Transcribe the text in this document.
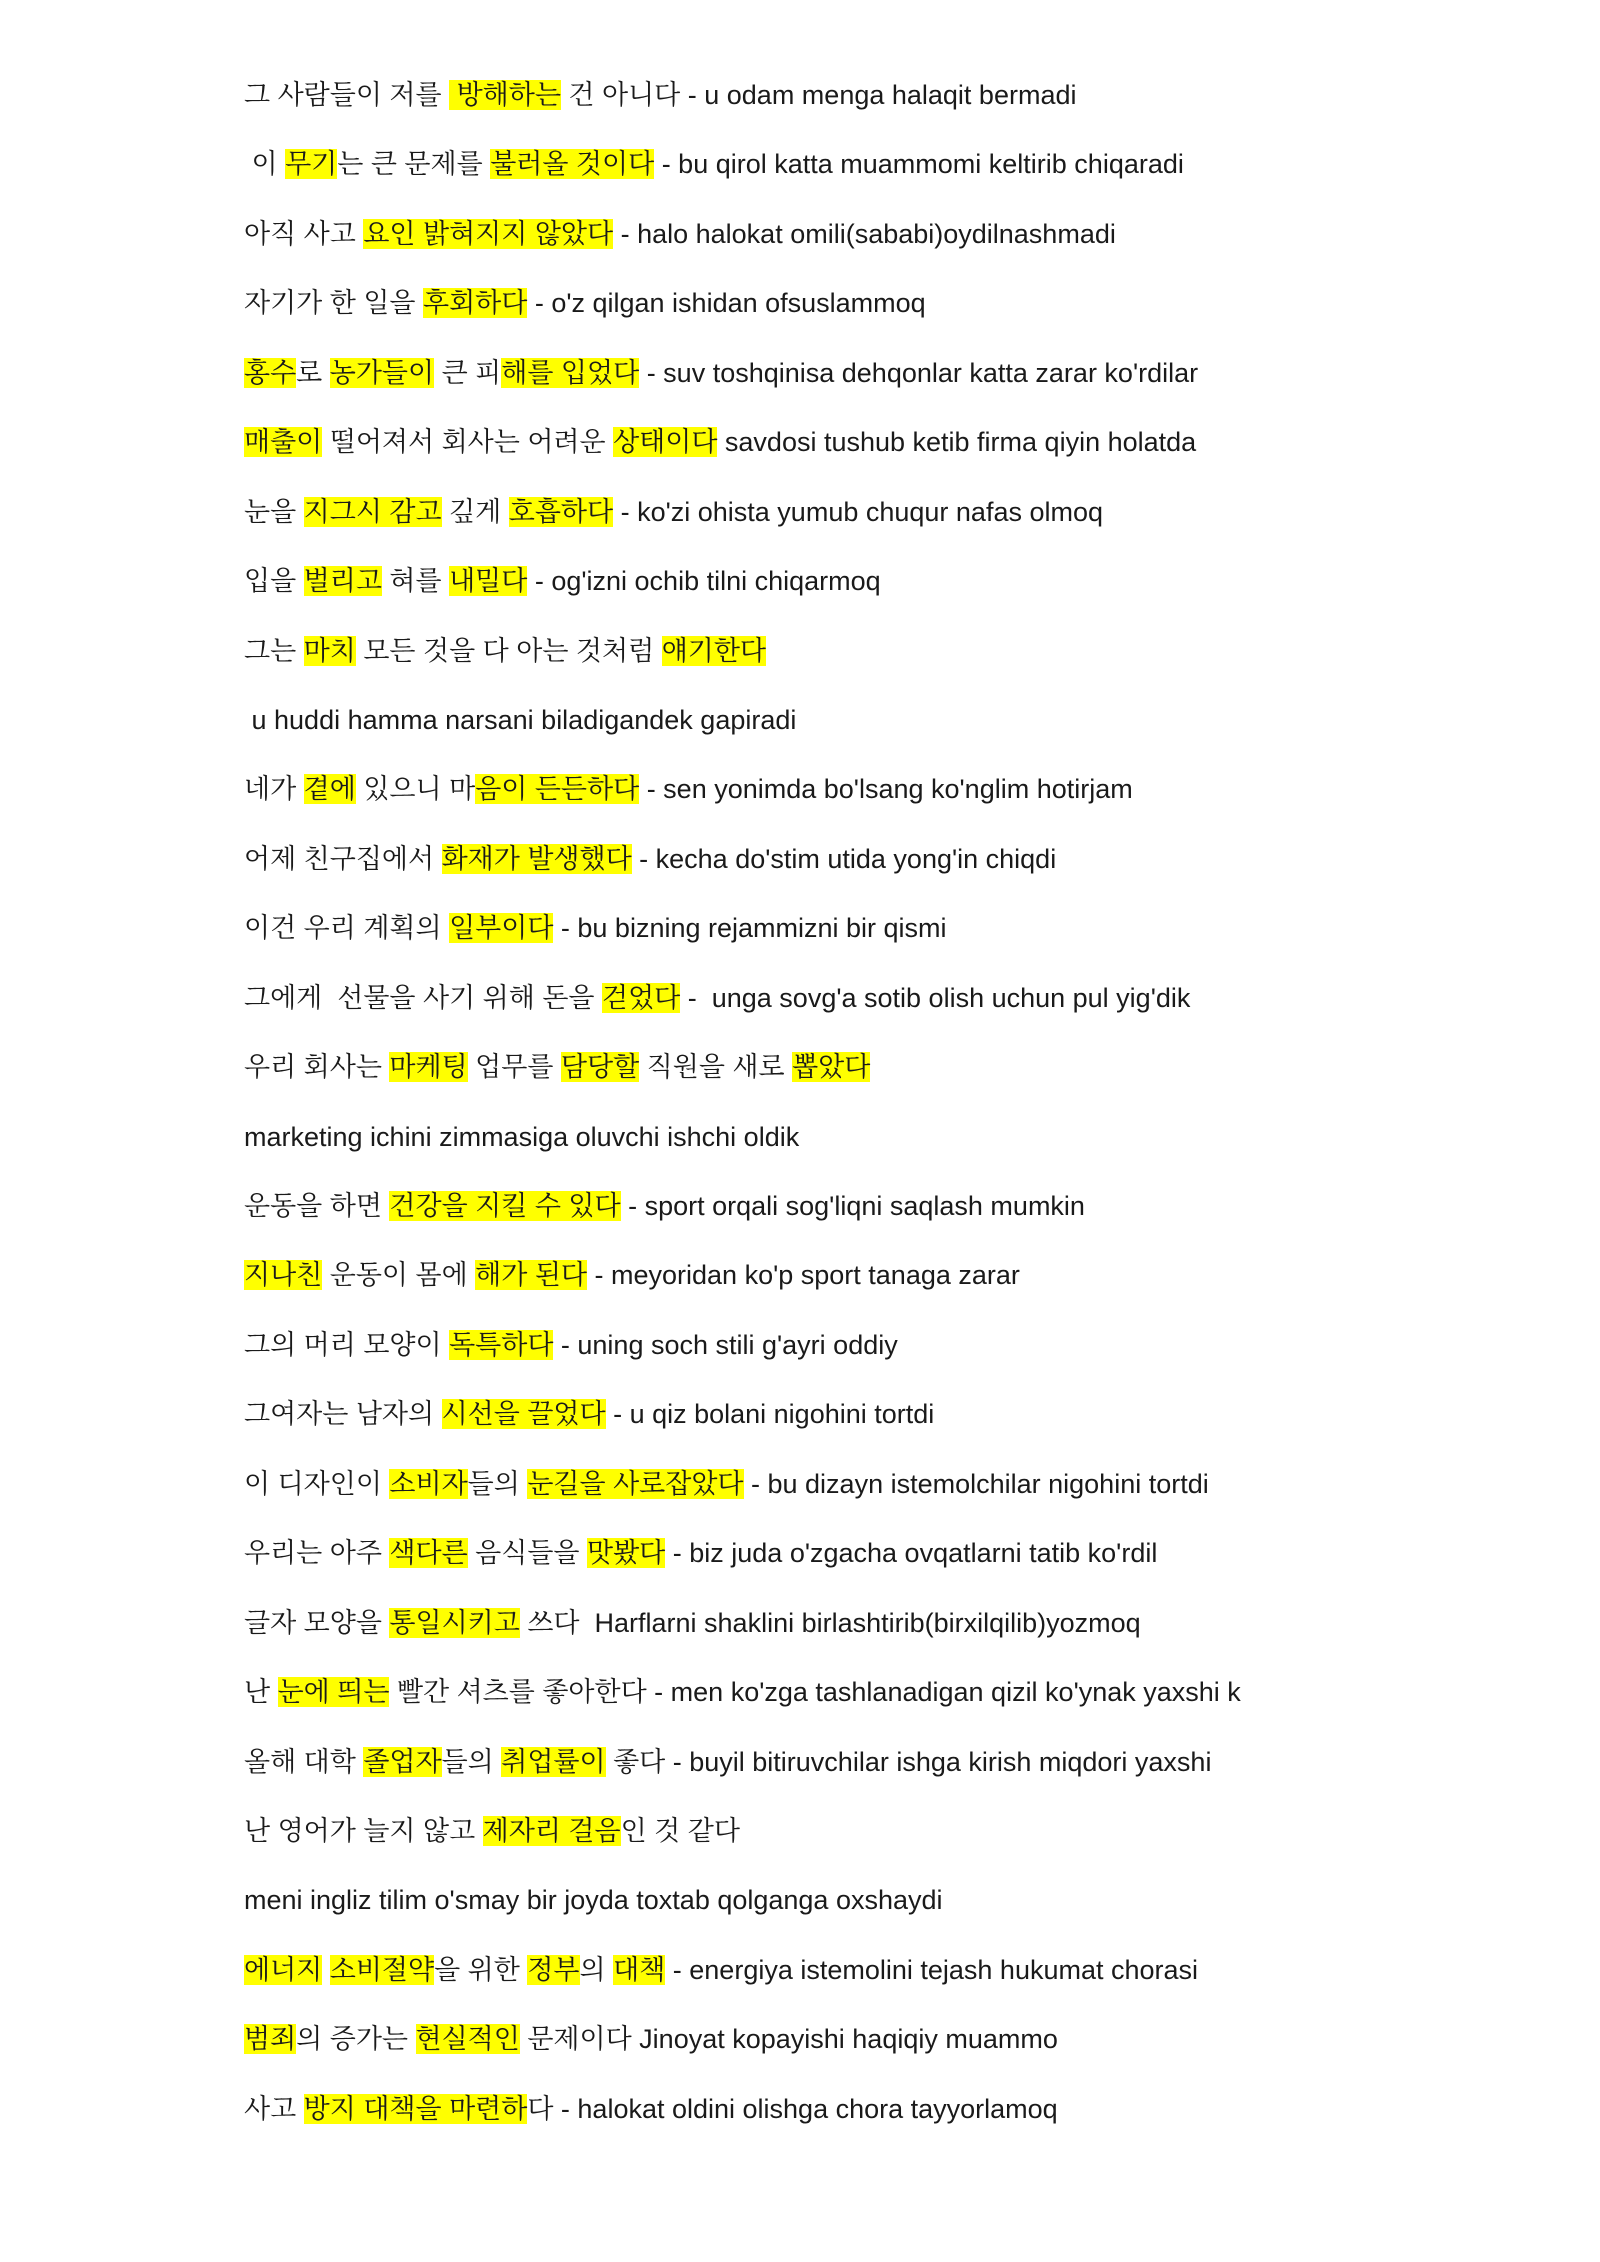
그 사람들이 저를  방해하는 건 아니다 - u odam menga halaqit bermadi
이 무기는 큰 문제를 불러올 것이다 - bu qirol katta muammomi keltirib chiqaradi
아직 사고 요인 밝혀지지 않았다 - halo halokat omili(sababi)oydilnashmadi
자기가 한 일을 후회하다 - o'z qilgan ishidan ofsuslammoq
홍수로 농가들이 큰 피해를 입었다 - suv toshqinisa dehqonlar katta zarar ko'rdilar
매출이 떨어져서 회사는 어려운 상태이다 savdosi tushub ketib firma qiyin holatda
눈을 지그시 감고 깊게 호흡하다 - ko'zi ohista yumub chuqur nafas olmoq
입을 벌리고 혀를 내밀다 - og'izni ochib tilni chiqarmoq
그는 마치 모든 것을 다 아는 것처럼 얘기한다
u huddi hamma narsani biladigandek gapiradi
네가 곁에 있으니 마음이 든든하다 - sen yonimda bo'lsang ko'nglim hotirjam
어제 친구집에서 화재가 발생했다 - kecha do'stim utida yong'in chiqdi
이건 우리 계획의 일부이다 - bu bizning rejammizni bir qismi
그에게  선물을 사기 위해 돈을 걷었다 -  unga sovg'a sotib olish uchun pul yig'dik
우리 회사는 마케팅 업무를 담당할 직원을 새로 뽑았다
marketing ichini zimmasiga oluvchi ishchi oldik
운동을 하면 건강을 지킬 수 있다 - sport orqali sog'liqni saqlash mumkin
지나친 운동이 몸에 해가 된다 - meyoridan ko'p sport tanaga zarar
그의 머리 모양이 독특하다 - uning soch stili g'ayri oddiy
그여자는 남자의 시선을 끌었다 - u qiz bolani nigohini tortdi
이 디자인이 소비자들의 눈길을 사로잡았다 - bu dizayn istemolchilar nigohini tortdi
우리는 아주 색다른 음식들을 맛봤다 - biz juda o'zgacha ovqatlarni tatib ko'rdil
글자 모양을 통일시키고 쓰다  Harflarni shaklini birlashtirib(birxilqilib)yozmoq
난 눈에 띄는 빨간 셔츠를 좋아한다 - men ko'zga tashlanadigan qizil ko'ynak yaxshi k
올해 대학 졸업자들의 취업률이 좋다 - buyil bitiruvchilar ishga kirish miqdori yaxshi
난 영어가 늘지 않고 제자리 걸음인 것 같다
meni ingliz tilim o'smay bir joyda toxtab qolganga oxshaydi
에너지 소비절약을 위한 정부의 대책 - energiya istemolini tejash hukumat chorasi
범죄의 증가는 현실적인 문제이다 Jinoyat kopayishi haqiqiy muammo
사고 방지 대책을 마련하다 - halokat oldini olishga chora tayyorlamoq
